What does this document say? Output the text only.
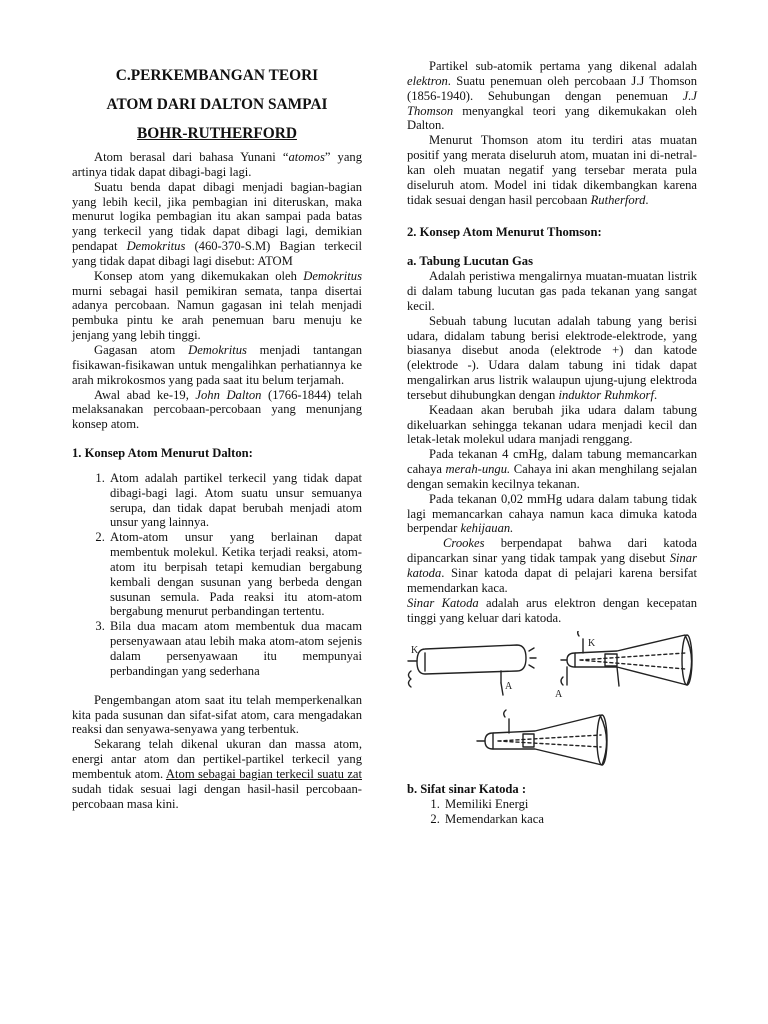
C.PERKEMBANGAN TEORI
ATOM DARI DALTON SAMPAI
BOHR-RUTHERFORD

Atom berasal dari bahasa Yunani “atomos” yang artinya tidak dapat dibagi-bagi lagi.

Suatu benda dapat dibagi menjadi bagian-bagian yang lebih kecil, jika pembagian ini diteruskan, maka menurut logika pembagian itu akan sampai pada batas yang terkecil yang tidak dapat dibagi lagi, demikian pendapat Demokritus (460-370-S.M) Bagian terkecil yang tidak dapat dibagi lagi disebut: ATOM

Konsep atom yang dikemukakan oleh Demokritus murni sebagai hasil pemikiran semata, tanpa disertai adanya percobaan. Namun gagasan ini telah menjadi pembuka pintu ke arah penemuan baru menuju ke jenjang yang lebih tinggi.

Gagasan atom Demokritus menjadi tantangan fisikawan-fisikawan untuk mengalihkan perhatiannya ke arah mikrokosmos yang pada saat itu belum terjamah.

Awal abad ke-19, John Dalton (1766-1844) telah melaksanakan percobaan-percobaan yang menunjang konsep atom.

1. Konsep Atom Menurut Dalton:
1. Atom adalah partikel terkecil yang tidak dapat dibagi-bagi lagi. Atom suatu unsur semuanya serupa, dan tidak dapat berubah menjadi atom unsur yang lainnya.
2. Atom-atom unsur yang berlainan dapat membentuk molekul. Ketika terjadi reaksi, atom-atom itu berpisah tetapi kemudian bergabung kembali dengan susunan yang berbeda dengan susunan semula. Pada reaksi itu atom-atom bergabung menurut perbandingan tertentu.
3. Bila dua macam atom membentuk dua macam persenyawaan atau lebih maka atom-atom sejenis dalam persenyawaan itu mempunyai perbandingan yang sederhana

Pengembangan atom saat itu telah memperkenalkan kita pada susunan dan sifat-sifat atom, cara mengadakan reaksi dan senyawa-senyawa yang terbentuk.

Sekarang telah dikenal ukuran dan massa atom, energi antar atom dan pertikel-partikel terkecil yang membentuk atom. Atom sebagai bagian terkecil suatu zat sudah tidak sesuai lagi dengan hasil-hasil percobaan-percobaan masa kini.

Partikel sub-atomik pertama yang dikenal adalah elektron. Suatu penemuan oleh percobaan J.J Thomson (1856-1940). Sehubungan dengan penemuan J.J Thomson menyangkal teori yang dikemukakan oleh Dalton.

Menurut Thomson atom itu terdiri atas muatan positif yang merata diseluruh atom, muatan ini di-netral-kan oleh muatan negatif yang tersebar merata pula diseluruh atom. Model ini tidak dikembangkan karena tidak sesuai dengan hasil percobaan Rutherford.

2. Konsep Atom Menurut Thomson:
a. Tabung Lucutan Gas

Adalah peristiwa mengalirnya muatan-muatan listrik di dalam tabung lucutan gas pada tekanan yang sangat kecil.

Sebuah tabung lucutan adalah tabung yang berisi udara, didalam tabung berisi elektrode-elektrode, yang biasanya disebut anoda (elektrode +) dan katode (elektrode -). Udara dalam tabung ini tidak dapat mengalirkan arus listrik walaupun ujung-ujung elektroda tersebut dihubungkan dengan induktor Ruhmkorf.

Keadaan akan berubah jika udara dalam tabung dikeluarkan sehingga tekanan udara menjadi kecil dan letak-letak molekul udara manjadi renggang.

Pada tekanan 4 cmHg, dalam tabung memancarkan cahaya merah-ungu. Cahaya ini akan menghilang sejalan dengan semakin kecilnya tekanan.

Pada tekanan 0,02 mmHg udara dalam tabung tidak lagi memancarkan cahaya namun kaca dimuka katoda berpendar kehijauan.

Crookes berpendapat bahwa dari katoda dipancarkan sinar yang tidak tampak yang disebut Sinar katoda. Sinar katoda dapat di pelajari karena bersifat memendarkan kaca.

Sinar Katoda adalah arus elektron dengan kecepatan tinggi yang keluar dari katoda.

K
A
K
A
b. Sifat sinar Katoda :
1. Memiliki Energi
2. Memendarkan kaca
